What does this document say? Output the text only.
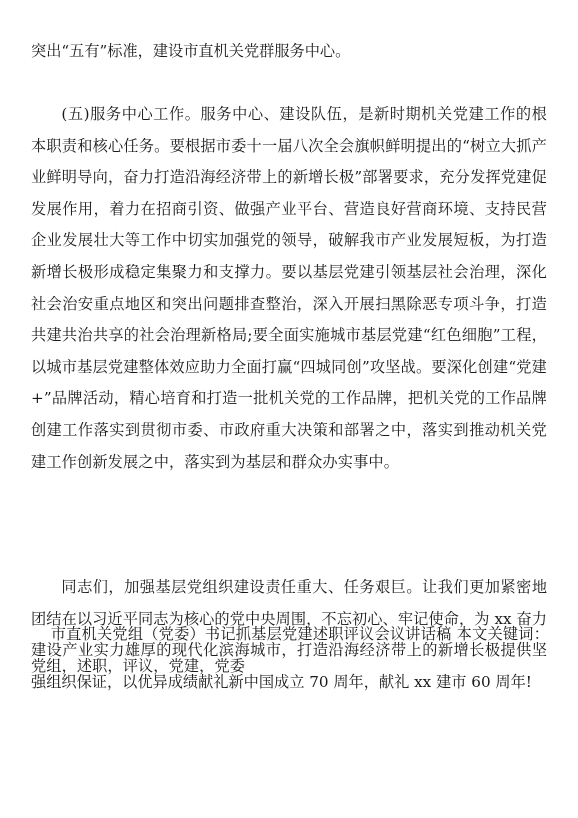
突出“五有”标准，建设市直机关党群服务中心。

(五)服务中心工作。服务中心、建设队伍，是新时期机关党建工作的根本职责和核心任务。要根据市委十一届八次全会旗帜鲜明提出的“树立大抓产业鲜明导向，奋力打造沿海经济带上的新增长极”部署要求，充分发挥党建促发展作用，着力在招商引资、做强产业平台、营造良好营商环境、支持民营企业发展壮大等工作中切实加强党的领导，破解我市产业发展短板，为打造新增长极形成稳定集聚力和支撑力。要以基层党建引领基层社会治理，深化社会治安重点地区和突出问题排查整治，深入开展扫黑除恶专项斗争，打造共建共治共享的社会治理新格局;要全面实施城市基层党建“红色细胞”工程，以城市基层党建整体效应助力全面打赢“四城同创”攻坚战。要深化创建“党建+”品牌活动，精心培育和打造一批机关党的工作品牌，把机关党的工作品牌创建工作落实到贯彻市委、市政府重大决策和部署之中，落实到推动机关党建工作创新发展之中，落实到为基层和群众办实事中。

同志们，加强基层党组织建设责任重大、任务艰巨。让我们更加紧密地团结在以习近平同志为核心的党中央周围，不忘初心、牢记使命，为 xx 奋力建设产业实力雄厚的现代化滨海城市，打造沿海经济带上的新增长极提供坚强组织保证，以优异成绩献礼新中国成立 70 周年，献礼 xx 建市 60 周年!

市直机关党组（党委）书记抓基层党建述职评议会议讲话稿 本文关键词：党组，述职，评议，党建，党委
